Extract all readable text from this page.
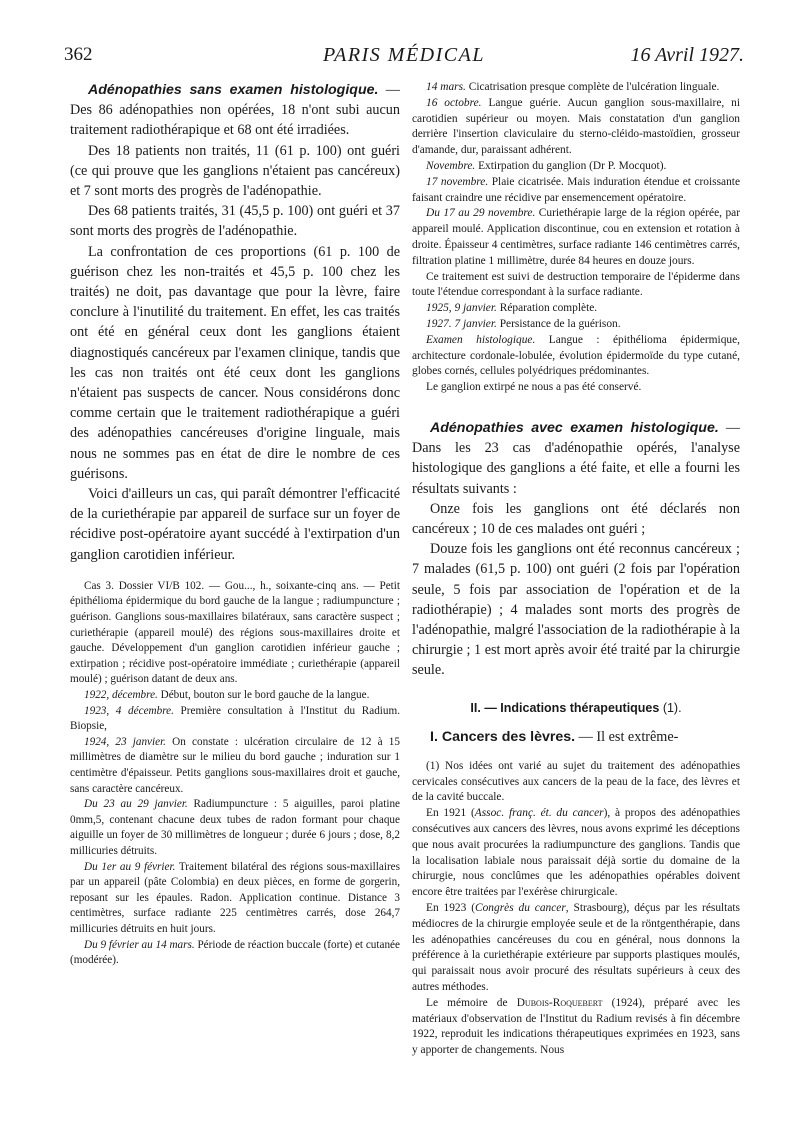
362	PARIS MÉDICAL	16 Avril 1927.

Adénopathies sans examen histologique. — Des 86 adénopathies non opérées, 18 n'ont subi aucun traitement radiothérapique et 68 ont été irradiées.

Des 18 patients non traités, 11 (61 p. 100) ont guéri (ce qui prouve que les ganglions n'étaient pas cancéreux) et 7 sont morts des progrès de l'adénopathie.

Des 68 patients traités, 31 (45,5 p. 100) ont guéri et 37 sont morts des progrès de l'adénopathie.

La confrontation de ces proportions (61 p. 100 de guérison chez les non-traités et 45,5 p. 100 chez les traités) ne doit, pas davantage que pour la lèvre, faire conclure à l'inutilité du traitement. En effet, les cas traités ont été en général ceux dont les ganglions étaient diagnostiqués cancéreux par l'examen clinique, tandis que les cas non traités ont été ceux dont les ganglions n'étaient pas suspects de cancer. Nous considérons donc comme certain que le traitement radiothérapique a guéri des adénopathies cancéreuses d'origine linguale, mais nous ne sommes pas en état de dire le nombre de ces guérisons.

Voici d'ailleurs un cas, qui paraît démontrer l'efficacité de la curiethérapie par appareil de surface sur un foyer de récidive post-opératoire ayant succédé à l'extirpation d'un ganglion carotidien inférieur.

Cas 3. Dossier VI/B 102. — Gou..., h., soixante-cinq ans. — Petit épithélioma épidermique du bord gauche de la langue ; radiumpuncture ; guérison. Ganglions sous-maxillaires bilatéraux, sans caractère suspect ; curiethérapie (appareil moulé) des régions sous-maxillaires droite et gauche. Développement d'un ganglion carotidien inférieur gauche ; extirpation ; récidive post-opératoire immédiate ; curiethérapie (appareil moulé) ; guérison datant de deux ans.

1922, décembre. Début, bouton sur le bord gauche de la langue.

1923, 4 décembre. Première consultation à l'Institut du Radium. Biopsie,

1924, 23 janvier. On constate : ulcération circulaire de 12 à 15 millimètres de diamètre sur le milieu du bord gauche ; induration sur 1 centimètre d'épaisseur. Petits ganglions sous-maxillaires droit et gauche, sans caractère cancéreux.

Du 23 au 29 janvier. Radiumpuncture : 5 aiguilles, paroi platine 0mm,5, contenant chacune deux tubes de radon formant pour chaque aiguille un foyer de 30 millimètres de longueur ; durée 6 jours ; dose, 8,2 millicuries détruits.

Du 1er au 9 février. Traitement bilatéral des régions sous-maxillaires par un appareil (pâte Colombia) en deux pièces, en forme de gorgerin, reposant sur les épaules. Radon. Application continue. Distance 3 centimètres, surface radiante 225 centimètres carrés, dose 264,7 millicuries détruits en huit jours.

Du 9 février au 14 mars. Période de réaction buccale (forte) et cutanée (modérée).

14 mars. Cicatrisation presque complète de l'ulcération linguale.

16 octobre. Langue guérie. Aucun ganglion sous-maxillaire, ni carotidien supérieur ou moyen. Mais constatation d'un ganglion derrière l'insertion claviculaire du sterno-cléido-mastoïdien, grosseur d'amande, dur, paraissant adhérent.

Novembre. Extirpation du ganglion (Dr P. Mocquot).

17 novembre. Plaie cicatrisée. Mais induration étendue et croissante faisant craindre une récidive par ensemencement opératoire.

Du 17 au 29 novembre. Curiethérapie large de la région opérée, par appareil moulé. Application discontinue, cou en extension et rotation à droite. Épaisseur 4 centimètres, surface radiante 146 centimètres carrés, filtration platine 1 millimètre, durée 84 heures en douze jours.

Ce traitement est suivi de destruction temporaire de l'épiderme dans toute l'étendue correspondant à la surface radiante.

1925, 9 janvier. Réparation complète.

1927. 7 janvier. Persistance de la guérison.

Examen histologique. Langue : épithélioma épidermique, architecture cordonale-lobulée, évolution épidermoïde du type cutané, globes cornés, cellules polyédriques prédominantes.

Le ganglion extirpé ne nous a pas été conservé.

Adénopathies avec examen histologique. — Dans les 23 cas d'adénopathie opérés, l'analyse histologique des ganglions a été faite, et elle a fourni les résultats suivants :

Onze fois les ganglions ont été déclarés non cancéreux ; 10 de ces malades ont guéri ;

Douze fois les ganglions ont été reconnus cancéreux ; 7 malades (61,5 p. 100) ont guéri (2 fois par l'opération seule, 5 fois par association de l'opération et de la radiothérapie) ; 4 malades sont morts des progrès de l'adénopathie, malgré l'association de la radiothérapie à la chirurgie ; 1 est mort après avoir été traité par la chirurgie seule.

II. — Indications thérapeutiques (1).

I. Cancers des lèvres. — Il est extrême-

(1) Nos idées ont varié au sujet du traitement des adénopathies cervicales consécutives aux cancers de la peau de la face, des lèvres et de la cavité buccale.

En 1921 (Assoc. franç. ét. du cancer), à propos des adénopathies consécutives aux cancers des lèvres, nous avons exprimé les déceptions que nous avait procurées la radiumpuncture des ganglions. Tandis que la localisation labiale nous paraissait déjà sortie du domaine de la chirurgie, nous conclûmes que les adénopathies opérables doivent encore être traitées par l'exérèse chirurgicale.

En 1923 (Congrès du cancer, Strasbourg), déçus par les résultats médiocres de la chirurgie employée seule et de la röntgenthérapie, dans les adénopathies cancéreuses du cou en général, nous donnons la préférence à la curiethérapie extérieure par supports plastiques moulés, qui paraissait nous avoir procuré des résultats supérieurs à ceux des autres méthodes.

Le mémoire de Dubois-Roquebert (1924), préparé avec les matériaux d'observation de l'Institut du Radium revisés à fin décembre 1922, reproduit les indications thérapeutiques exprimées en 1923, sans y apporter de changements. Nous
